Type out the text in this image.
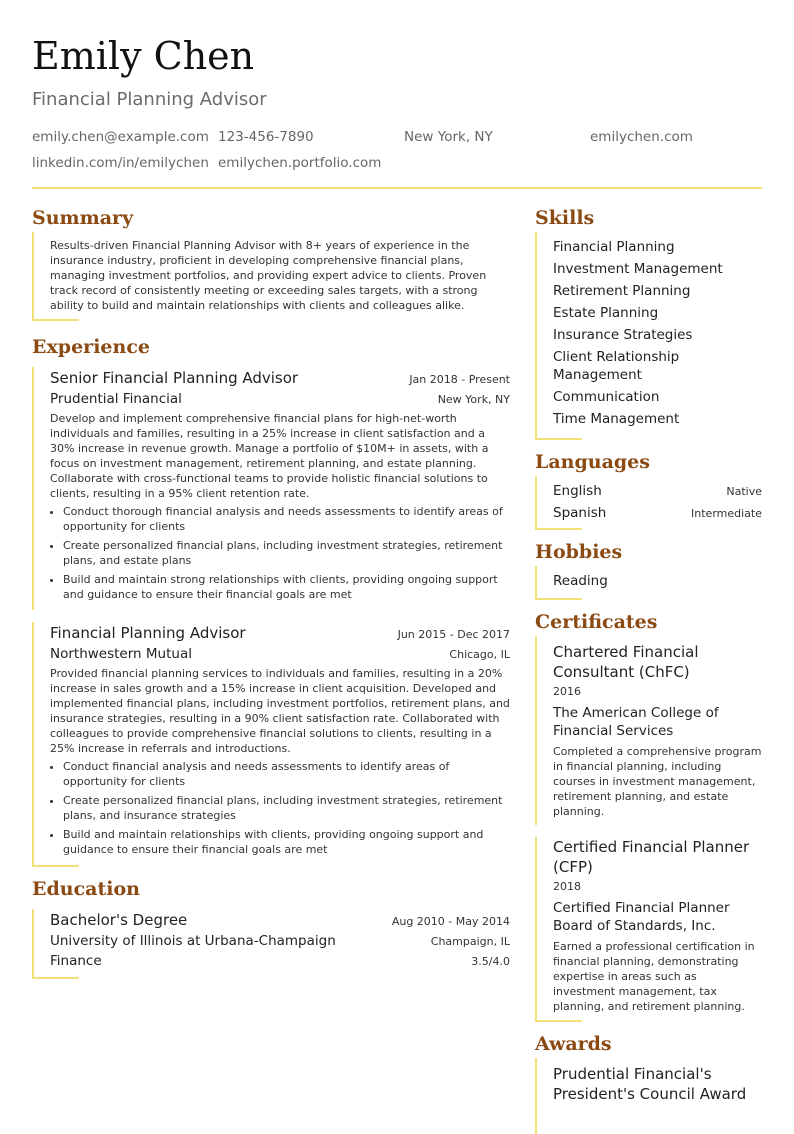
Emily Chen
Financial Planning Advisor
emily.chen@example.com 123-456-7890	New York, NY	emilychen.com
linkedin.com/in/emilychen emilychen.portfolio.com
Summary

Results-driven Financial Planning Advisor with 8+ years of experience in the insurance industry, proficient in developing comprehensive financial plans, managing investment portfolios, and providing expert advice to clients. Proven track record of consistently meeting or exceeding sales targets, with a strong ability to build and maintain relationships with clients and colleagues alike.

Experience
Senior Financial Planning Advisor	Jan 2018 - Present
Prudential Financial	New York, NY

Develop and implement comprehensive financial plans for high-net-worth individuals and families, resulting in a 25% increase in client satisfaction and a 30% increase in revenue growth. Manage a portfolio of $10M+ in assets, with a focus on investment management, retirement planning, and estate planning. Collaborate with cross-functional teams to provide holistic financial solutions to clients, resulting in a 95% client retention rate.

• Conduct thorough financial analysis and needs assessments to identify areas of opportunity for clients
• Create personalized financial plans, including investment strategies, retirement plans, and estate plans
• Build and maintain strong relationships with clients, providing ongoing support and guidance to ensure their financial goals are met
Financial Planning Advisor	Jun 2015 - Dec 2017
Northwestern Mutual	Chicago, IL

Provided financial planning services to individuals and families, resulting in a 20% increase in sales growth and a 15% increase in client acquisition. Developed and implemented financial plans, including investment portfolios, retirement plans, and insurance strategies, resulting in a 90% client satisfaction rate. Collaborated with colleagues to provide comprehensive financial solutions to clients, resulting in a 25% increase in referrals and introductions.

• Conduct financial analysis and needs assessments to identify areas of opportunity for clients
• Create personalized financial plans, including investment strategies, retirement plans, and insurance strategies
• Build and maintain relationships with clients, providing ongoing support and guidance to ensure their financial goals are met
Education
Bachelor's Degree	Aug 2010 - May 2014
University of Illinois at Urbana-Champaign	Champaign, IL
Finance	3.5/4.0
Skills
Financial Planning
Investment Management
Retirement Planning
Estate Planning
Insurance Strategies
Client Relationship Management
Communication
Time Management
Languages
English	Native
Spanish	Intermediate
Hobbies
Reading
Certificates
Chartered Financial Consultant (ChFC)
2016
The American College of Financial Services
Completed a comprehensive program in financial planning, including courses in investment management, retirement planning, and estate planning.
Certified Financial Planner (CFP)
2018
Certified Financial Planner Board of Standards, Inc.
Earned a professional certification in financial planning, demonstrating expertise in areas such as investment management, tax planning, and retirement planning.
Awards
Prudential Financial's President's Council Award
